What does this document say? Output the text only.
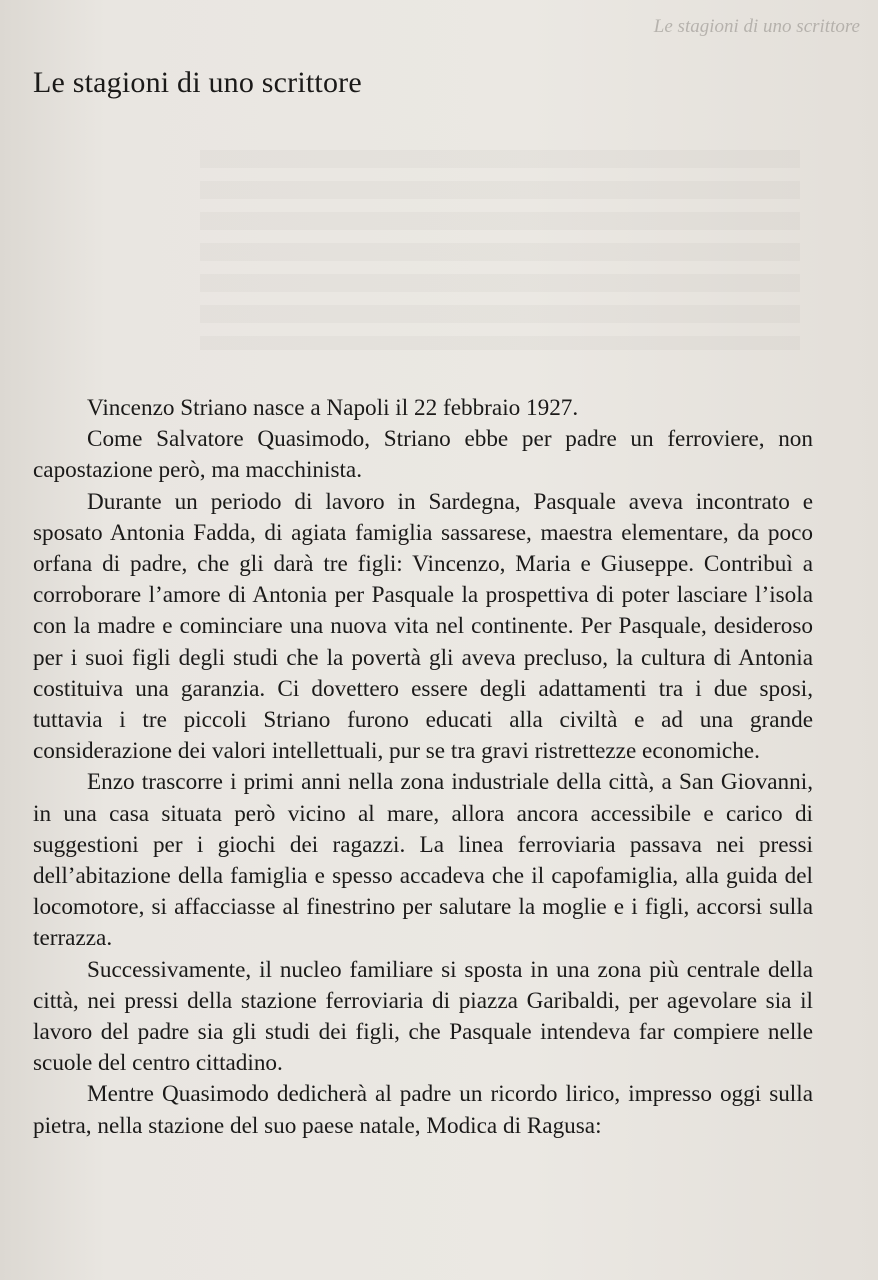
Le stagioni di uno scrittore
Le stagioni di uno scrittore

Vincenzo Striano nasce a Napoli il 22 febbraio 1927.

Come Salvatore Quasimodo, Striano ebbe per padre un ferroviere, non capostazione però, ma macchinista.

Durante un periodo di lavoro in Sardegna, Pasquale aveva incontrato e sposato Antonia Fadda, di agiata famiglia sassarese, maestra elementare, da poco orfana di padre, che gli darà tre figli: Vincenzo, Maria e Giuseppe. Contribuì a corroborare l’amore di Antonia per Pasquale la prospettiva di poter lasciare l’isola con la madre e cominciare una nuova vita nel continente. Per Pasquale, desideroso per i suoi figli degli studi che la povertà gli aveva precluso, la cultura di Antonia costituiva una garanzia. Ci dovettero essere degli adattamenti tra i due sposi, tuttavia i tre piccoli Striano furono educati alla civiltà e ad una grande considerazione dei valori intellettuali, pur se tra gravi ristrettezze economiche.

Enzo trascorre i primi anni nella zona industriale della città, a San Giovanni, in una casa situata però vicino al mare, allora ancora accessibile e carico di suggestioni per i giochi dei ragazzi. La linea ferroviaria passava nei pressi dell’abitazione della famiglia e spesso accadeva che il capofamiglia, alla guida del locomotore, si affacciasse al finestrino per salutare la moglie e i figli, accorsi sulla terrazza.

Successivamente, il nucleo familiare si sposta in una zona più centrale della città, nei pressi della stazione ferroviaria di piazza Garibaldi, per agevolare sia il lavoro del padre sia gli studi dei figli, che Pasquale intendeva far compiere nelle scuole del centro cittadino.

Mentre Quasimodo dedicherà al padre un ricordo lirico, impresso oggi sulla pietra, nella stazione del suo paese natale, Modica di Ragusa:
